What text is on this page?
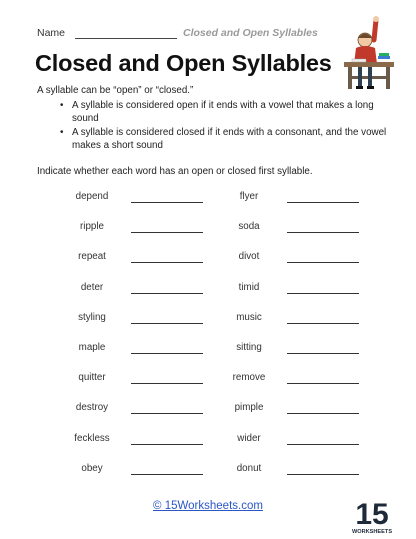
Name	Closed and Open Syllables
Closed and Open Syllables
A syllable can be “open” or “closed.”
• A syllable is considered open if it ends with a vowel that makes a long sound
• A syllable is considered closed if it ends with a consonant, and the vowel makes a short sound
Indicate whether each word has an open or closed first syllable.
depend
ripple
repeat
deter
styling
maple
quitter
destroy
feckless
obey
flyer
soda
divot
timid
music
sitting
remove
pimple
wider
donut
© 15Worksheets.com	15
WORKSHEETS
